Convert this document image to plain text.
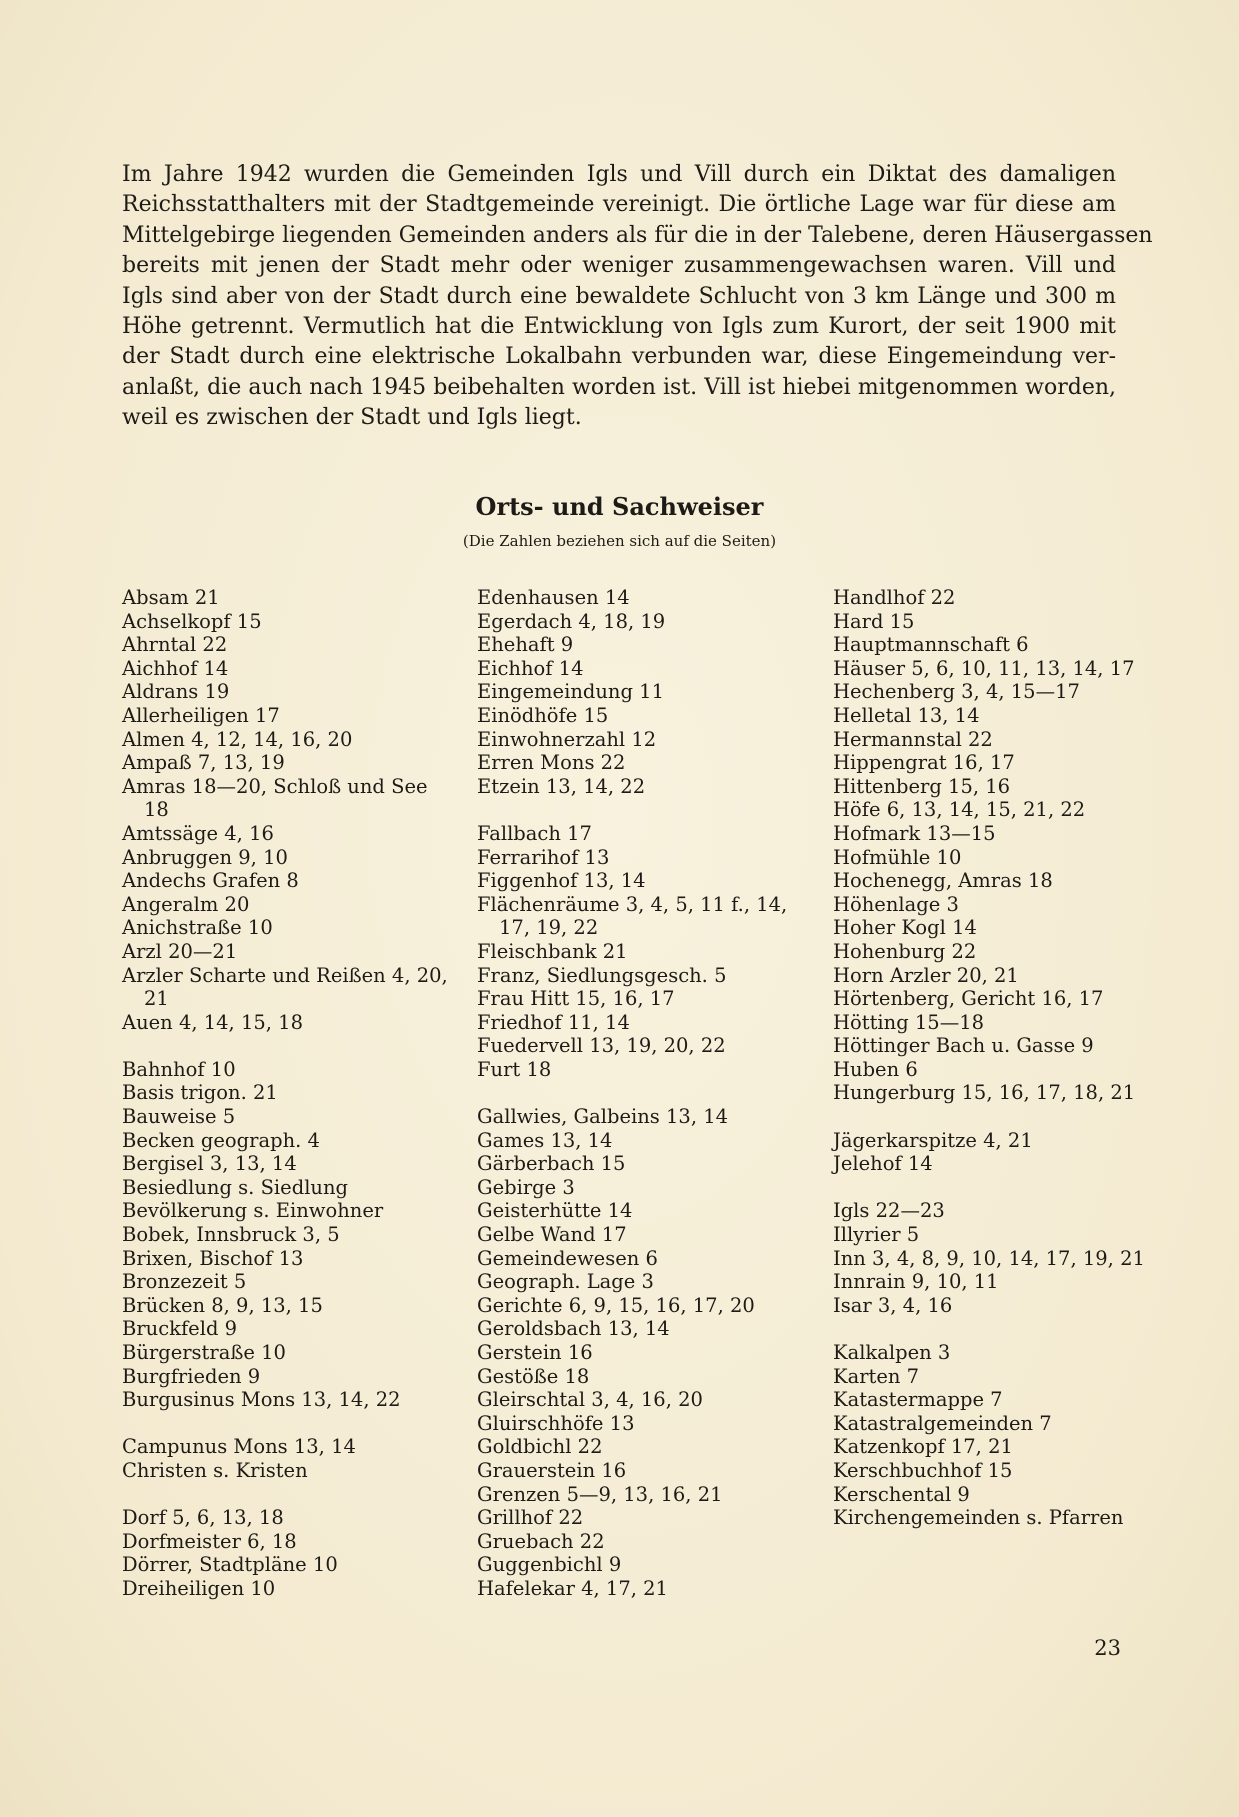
Im Jahre 1942 wurden die Gemeinden Igls und Vill durch ein Diktat des damaligen
Reichsstatthalters mit der Stadtgemeinde vereinigt. Die örtliche Lage war für diese am
Mittelgebirge liegenden Gemeinden anders als für die in der Talebene, deren Häusergassen
bereits mit jenen der Stadt mehr oder weniger zusammengewachsen waren. Vill und
Igls sind aber von der Stadt durch eine bewaldete Schlucht von 3 km Länge und 300 m
Höhe getrennt. Vermutlich hat die Entwicklung von Igls zum Kurort, der seit 1900 mit
der Stadt durch eine elektrische Lokalbahn verbunden war, diese Eingemeindung ver-
anlaßt, die auch nach 1945 beibehalten worden ist. Vill ist hiebei mitgenommen worden,
weil es zwischen der Stadt und Igls liegt.
Orts- und Sachweiser
(Die Zahlen beziehen sich auf die Seiten)
Absam 21
Achselkopf 15
Ahrntal 22
Aichhof 14
Aldrans 19
Allerheiligen 17
Almen 4, 12, 14, 16, 20
Ampaß 7, 13, 19
Amras 18—20, Schloß und See 18
Amtssäge 4, 16
Anbruggen 9, 10
Andechs Grafen 8
Angeralm 20
Anichstraße 10
Arzl 20—21
Arzler Scharte und Reißen 4, 20, 21
Auen 4, 14, 15, 18
Bahnhof 10
Basis trigon. 21
Bauweise 5
Becken geograph. 4
Bergisel 3, 13, 14
Besiedlung s. Siedlung
Bevölkerung s. Einwohner
Bobek, Innsbruck 3, 5
Brixen, Bischof 13
Bronzezeit 5
Brücken 8, 9, 13, 15
Bruckfeld 9
Bürgerstraße 10
Burgfrieden 9
Burgusinus Mons 13, 14, 22
Campunus Mons 13, 14
Christen s. Kristen
Dorf 5, 6, 13, 18
Dorfmeister 6, 18
Dörrer, Stadtpläne 10
Dreiheiligen 10
Edenhausen 14
Egerdach 4, 18, 19
Ehehaft 9
Eichhof 14
Eingemeindung 11
Einödhöfe 15
Einwohnerzahl 12
Erren Mons 22
Etzein 13, 14, 22
Fallbach 17
Ferrarihof 13
Figgenhof 13, 14
Flächenräume 3, 4, 5, 11 f., 14, 17, 19, 22
Fleischbank 21
Franz, Siedlungsgesch. 5
Frau Hitt 15, 16, 17
Friedhof 11, 14
Fuedervell 13, 19, 20, 22
Furt 18
Gallwies, Galbeins 13, 14
Games 13, 14
Gärberbach 15
Gebirge 3
Geisterhütte 14
Gelbe Wand 17
Gemeindewesen 6
Geograph. Lage 3
Gerichte 6, 9, 15, 16, 17, 20
Geroldsbach 13, 14
Gerstein 16
Gestöße 18
Gleirschtal 3, 4, 16, 20
Gluirschhöfe 13
Goldbichl 22
Grauerstein 16
Grenzen 5—9, 13, 16, 21
Grillhof 22
Gruebach 22
Guggenbichl 9
Hafelekar 4, 17, 21
Handlhof 22
Hard 15
Hauptmannschaft 6
Häuser 5, 6, 10, 11, 13, 14, 17
Hechenberg 3, 4, 15—17
Helletal 13, 14
Hermannstal 22
Hippengrat 16, 17
Hittenberg 15, 16
Höfe 6, 13, 14, 15, 21, 22
Hofmark 13—15
Hofmühle 10
Hochenegg, Amras 18
Höhenlage 3
Hoher Kogl 14
Hohenburg 22
Horn Arzler 20, 21
Hörtenberg, Gericht 16, 17
Hötting 15—18
Höttinger Bach u. Gasse 9
Huben 6
Hungerburg 15, 16, 17, 18, 21
Jägerkarspitze 4, 21
Jelehof 14
Igls 22—23
Illyrier 5
Inn 3, 4, 8, 9, 10, 14, 17, 19, 21
Innrain 9, 10, 11
Isar 3, 4, 16
Kalkalpen 3
Karten 7
Katastermappe 7
Katastralgemeinden 7
Katzenkopf 17, 21
Kerschbuchhof 15
Kerschental 9
Kirchengemeinden s. Pfarren
23
